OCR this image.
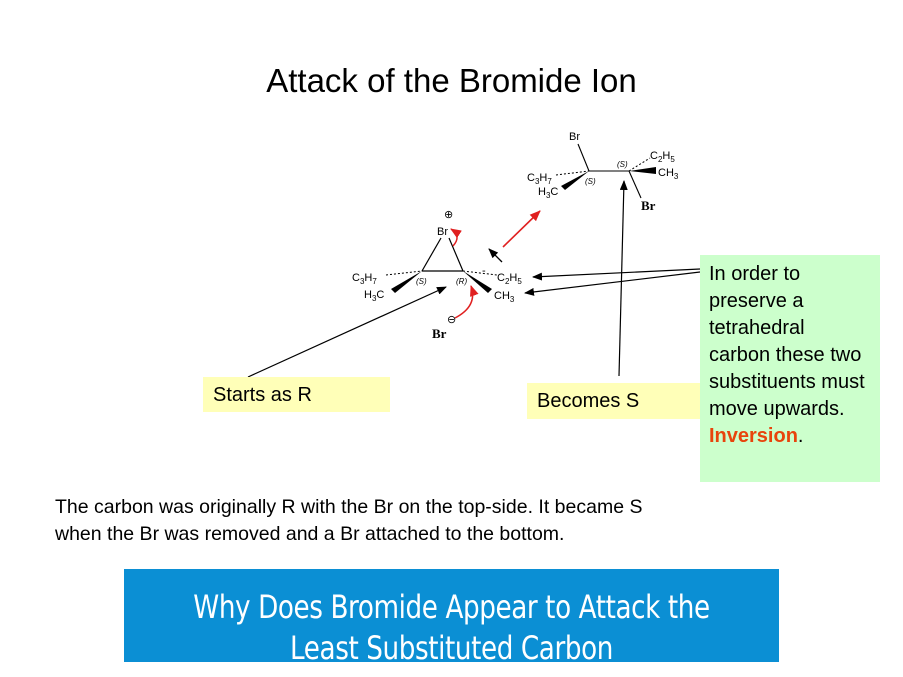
Attack of the Bromide Ion
⊕
Br
$C_3H_7$
$H_3C$
(S)	(R)
-
$C_2H_5$
$CH_3$
⊖
Br
Br
$C_3H_7$
$H_3C$
(S)
(S)
$C_2H_5$
$CH_3$
Br
Starts as R	Becomes S
In order to preserve a tetrahedral carbon these two substituents must move upwards. Inversion.
The carbon was originally R with the Br on the top-side. It became S
when the Br was removed and a Br attached to the bottom.
Why Does Bromide Appear to Attack the
Least Substituted Carbon
